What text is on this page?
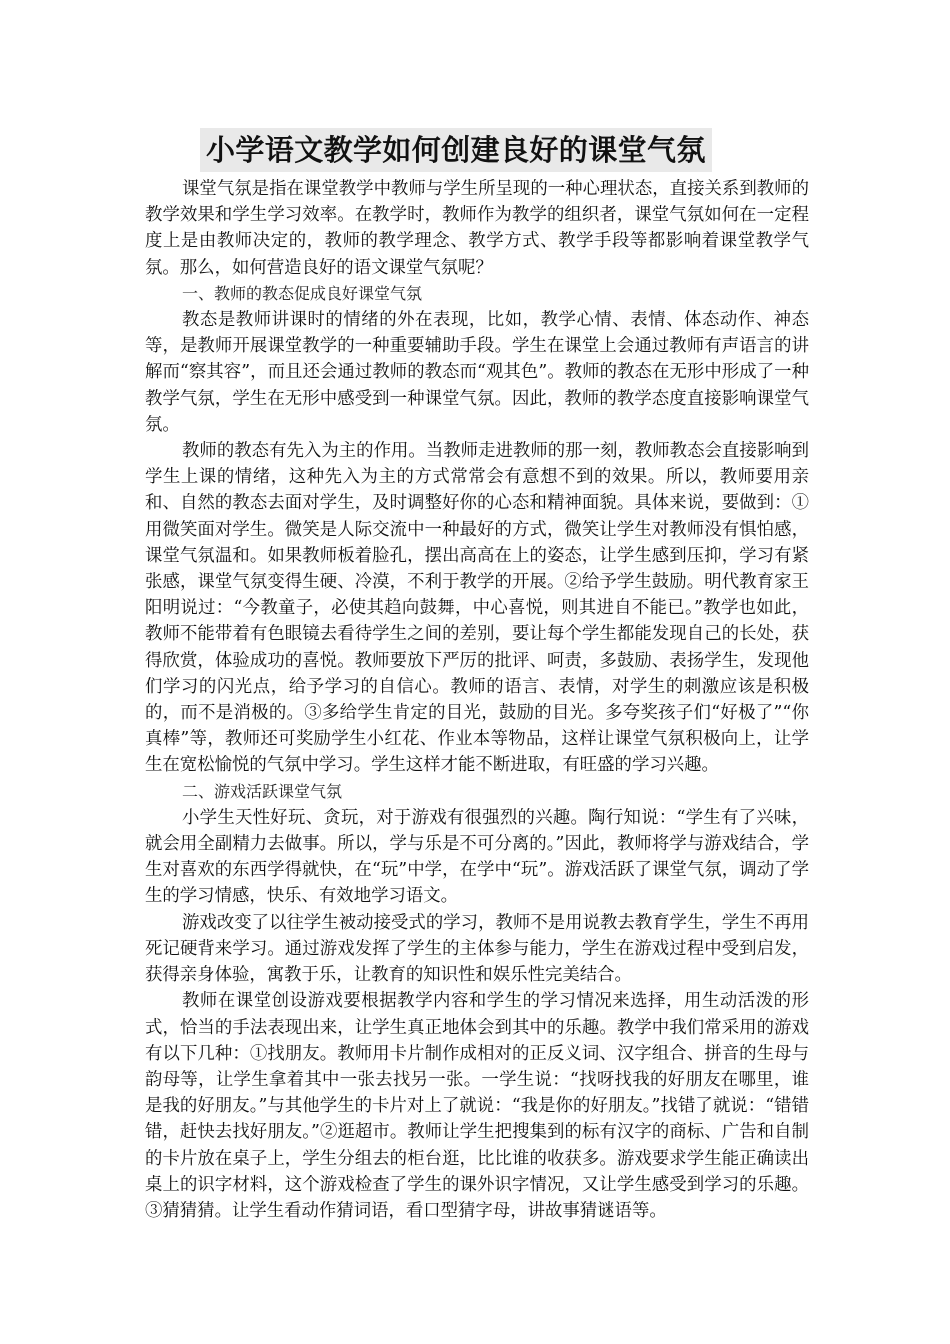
小学语文教学如何创建良好的课堂气氛

课堂气氛是指在课堂教学中教师与学生所呈现的一种心理状态，直接关系到教师的教学效果和学生学习效率。在教学时，教师作为教学的组织者，课堂气氛如何在一定程度上是由教师决定的，教师的教学理念、教学方式、教学手段等都影响着课堂教学气氛。那么，如何营造良好的语文课堂气氛呢？

一、教师的教态促成良好课堂气氛

教态是教师讲课时的情绪的外在表现，比如，教学心情、表情、体态动作、神态等，是教师开展课堂教学的一种重要辅助手段。学生在课堂上会通过教师有声语言的讲解而“察其容”，而且还会通过教师的教态而“观其色”。教师的教态在无形中形成了一种教学气氛，学生在无形中感受到一种课堂气氛。因此，教师的教学态度直接影响课堂气氛。

教师的教态有先入为主的作用。当教师走进教师的那一刻，教师教态会直接影响到学生上课的情绪，这种先入为主的方式常常会有意想不到的效果。所以，教师要用亲和、自然的教态去面对学生，及时调整好你的心态和精神面貌。具体来说，要做到：①用微笑面对学生。微笑是人际交流中一种最好的方式，微笑让学生对教师没有惧怕感，课堂气氛温和。如果教师板着脸孔，摆出高高在上的姿态，让学生感到压抑，学习有紧张感，课堂气氛变得生硬、冷漠，不利于教学的开展。②给予学生鼓励。明代教育家王阳明说过：“今教童子，必使其趋向鼓舞，中心喜悦，则其进自不能已。”教学也如此，教师不能带着有色眼镜去看待学生之间的差别，要让每个学生都能发现自己的长处，获得欣赏，体验成功的喜悦。教师要放下严厉的批评、呵责，多鼓励、表扬学生，发现他们学习的闪光点，给予学习的自信心。教师的语言、表情，对学生的刺激应该是积极的，而不是消极的。③多给学生肯定的目光，鼓励的目光。多夸奖孩子们“好极了”“你真棒”等，教师还可奖励学生小红花、作业本等物品，这样让课堂气氛积极向上，让学生在宽松愉悦的气氛中学习。学生这样才能不断进取，有旺盛的学习兴趣。

二、游戏活跃课堂气氛

小学生天性好玩、贪玩，对于游戏有很强烈的兴趣。陶行知说：“学生有了兴味，就会用全副精力去做事。所以，学与乐是不可分离的。”因此，教师将学与游戏结合，学生对喜欢的东西学得就快，在“玩”中学，在学中“玩”。游戏活跃了课堂气氛，调动了学生的学习情感，快乐、有效地学习语文。

游戏改变了以往学生被动接受式的学习，教师不是用说教去教育学生，学生不再用死记硬背来学习。通过游戏发挥了学生的主体参与能力，学生在游戏过程中受到启发，获得亲身体验，寓教于乐，让教育的知识性和娱乐性完美结合。

教师在课堂创设游戏要根据教学内容和学生的学习情况来选择，用生动活泼的形式，恰当的手法表现出来，让学生真正地体会到其中的乐趣。教学中我们常采用的游戏有以下几种：①找朋友。教师用卡片制作成相对的正反义词、汉字组合、拼音的生母与韵母等，让学生拿着其中一张去找另一张。一学生说：“找呀找我的好朋友在哪里，谁是我的好朋友。”与其他学生的卡片对上了就说：“我是你的好朋友。”找错了就说：“错错错，赶快去找好朋友。”②逛超市。教师让学生把搜集到的标有汉字的商标、广告和自制的卡片放在桌子上，学生分组去的柜台逛，比比谁的收获多。游戏要求学生能正确读出桌上的识字材料，这个游戏检查了学生的课外识字情况，又让学生感受到学习的乐趣。③猜猜猜。让学生看动作猜词语，看口型猜字母，讲故事猜谜语等。
